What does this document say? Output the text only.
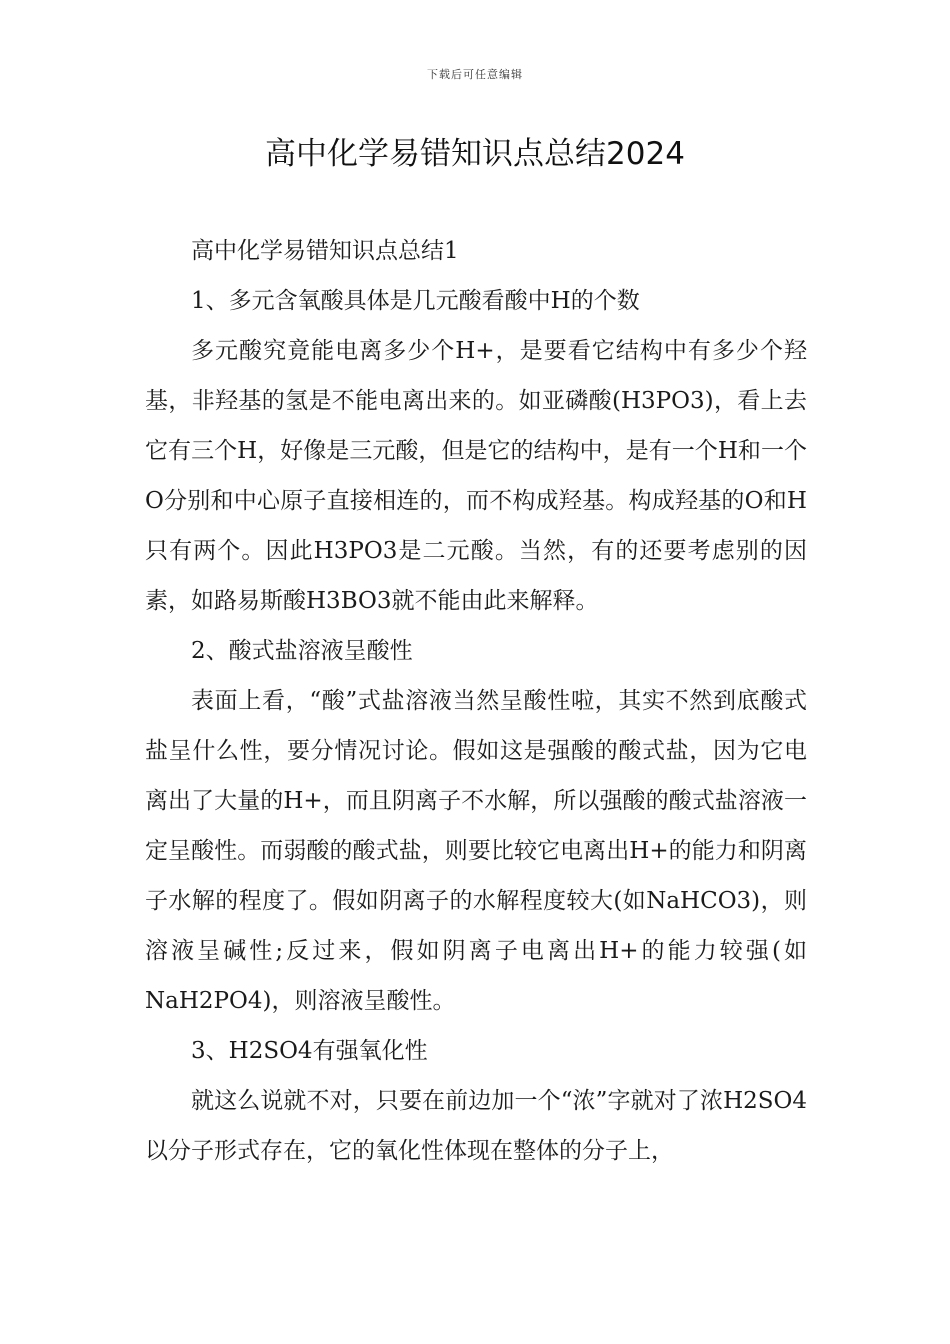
下载后可任意编辑
高中化学易错知识点总结2024

高中化学易错知识点总结1

1、多元含氧酸具体是几元酸看酸中H的个数

多元酸究竟能电离多少个H+，是要看它结构中有多少个羟基，非羟基的氢是不能电离出来的。如亚磷酸(H3PO3)，看上去它有三个H，好像是三元酸，但是它的结构中，是有一个H和一个O分别和中心原子直接相连的，而不构成羟基。构成羟基的O和H只有两个。因此H3PO3是二元酸。当然，有的还要考虑别的因素，如路易斯酸H3BO3就不能由此来解释。

2、酸式盐溶液呈酸性

表面上看，“酸”式盐溶液当然呈酸性啦，其实不然到底酸式盐呈什么性，要分情况讨论。假如这是强酸的酸式盐，因为它电离出了大量的H+，而且阴离子不水解，所以强酸的酸式盐溶液一定呈酸性。而弱酸的酸式盐，则要比较它电离出H+的能力和阴离子水解的程度了。假如阴离子的水解程度较大(如NaHCO3)，则溶液呈碱性;反过来，假如阴离子电离出H+的能力较强(如NaH2PO4)，则溶液呈酸性。

3、H2SO4有强氧化性

就这么说就不对，只要在前边加一个“浓”字就对了浓H2SO4以分子形式存在，它的氧化性体现在整体的分子上，
